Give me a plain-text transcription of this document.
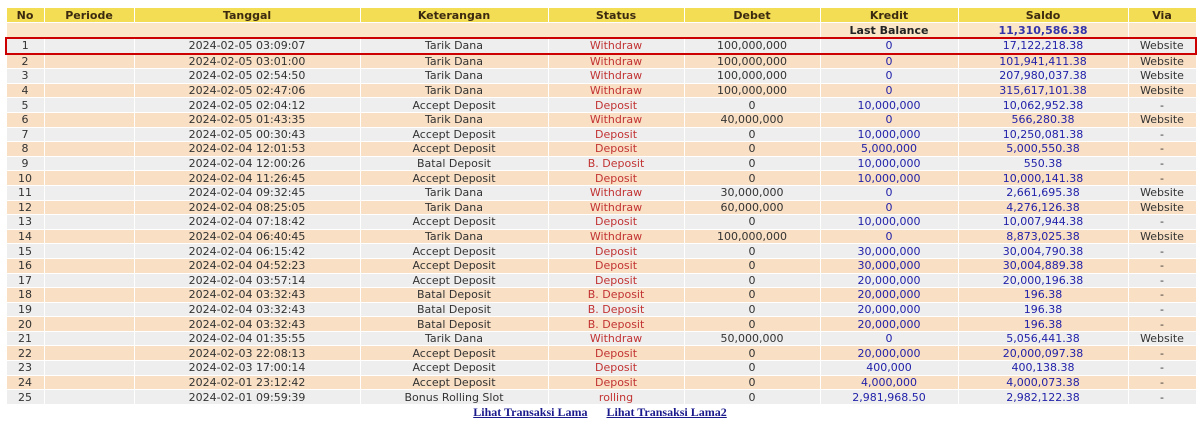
No	Periode	Tanggal	Keterangan	Status	Debet	Kredit	Saldo	Via
						Last Balance	11,310,586.38	
1		2024-02-05 03:09:07	Tarik Dana	Withdraw	100,000,000	0	17,122,218.38	Website
2		2024-02-05 03:01:00	Tarik Dana	Withdraw	100,000,000	0	101,941,411.38	Website
3		2024-02-05 02:54:50	Tarik Dana	Withdraw	100,000,000	0	207,980,037.38	Website
4		2024-02-05 02:47:06	Tarik Dana	Withdraw	100,000,000	0	315,617,101.38	Website
5		2024-02-05 02:04:12	Accept Deposit	Deposit	0	10,000,000	10,062,952.38	-
6		2024-02-05 01:43:35	Tarik Dana	Withdraw	40,000,000	0	566,280.38	Website
7		2024-02-05 00:30:43	Accept Deposit	Deposit	0	10,000,000	10,250,081.38	-
8		2024-02-04 12:01:53	Accept Deposit	Deposit	0	5,000,000	5,000,550.38	-
9		2024-02-04 12:00:26	Batal Deposit	B. Deposit	0	10,000,000	550.38	-
10		2024-02-04 11:26:45	Accept Deposit	Deposit	0	10,000,000	10,000,141.38	-
11		2024-02-04 09:32:45	Tarik Dana	Withdraw	30,000,000	0	2,661,695.38	Website
12		2024-02-04 08:25:05	Tarik Dana	Withdraw	60,000,000	0	4,276,126.38	Website
13		2024-02-04 07:18:42	Accept Deposit	Deposit	0	10,000,000	10,007,944.38	-
14		2024-02-04 06:40:45	Tarik Dana	Withdraw	100,000,000	0	8,873,025.38	Website
15		2024-02-04 06:15:42	Accept Deposit	Deposit	0	30,000,000	30,004,790.38	-
16		2024-02-04 04:52:23	Accept Deposit	Deposit	0	30,000,000	30,004,889.38	-
17		2024-02-04 03:57:14	Accept Deposit	Deposit	0	20,000,000	20,000,196.38	-
18		2024-02-04 03:32:43	Batal Deposit	B. Deposit	0	20,000,000	196.38	-
19		2024-02-04 03:32:43	Batal Deposit	B. Deposit	0	20,000,000	196.38	-
20		2024-02-04 03:32:43	Batal Deposit	B. Deposit	0	20,000,000	196.38	-
21		2024-02-04 01:35:55	Tarik Dana	Withdraw	50,000,000	0	5,056,441.38	Website
22		2024-02-03 22:08:13	Accept Deposit	Deposit	0	20,000,000	20,000,097.38	-
23		2024-02-03 17:00:14	Accept Deposit	Deposit	0	400,000	400,138.38	-
24		2024-02-01 23:12:42	Accept Deposit	Deposit	0	4,000,000	4,000,073.38	-
25		2024-02-01 09:59:39	Bonus Rolling Slot	rolling	0	2,981,968.50	2,982,122.38	-
Lihat Transaksi Lama Lihat Transaksi Lama2
